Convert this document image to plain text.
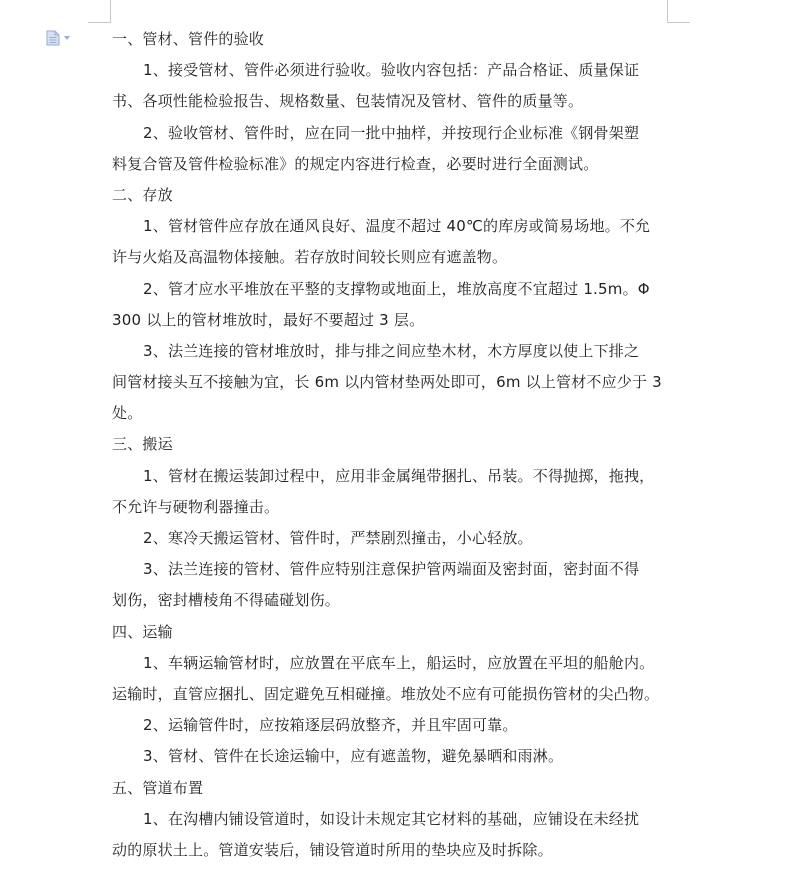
一、管材、管件的验收
1、接受管材、管件必须进行验收。验收内容包括：产品合格证、质量保证
书、各项性能检验报告、规格数量、包装情况及管材、管件的质量等。
2、验收管材、管件时，应在同一批中抽样，并按现行企业标准《钢骨架塑
料复合管及管件检验标准》的规定内容进行检查，必要时进行全面测试。
二、存放
1、管材管件应存放在通风良好、温度不超过 40℃的库房或简易场地。不允
许与火焰及高温物体接触。若存放时间较长则应有遮盖物。
2、管才应水平堆放在平整的支撑物或地面上，堆放高度不宜超过 1.5m。Φ
300 以上的管材堆放时，最好不要超过 3 层。
3、法兰连接的管材堆放时，排与排之间应垫木材，木方厚度以使上下排之
间管材接头互不接触为宜，长 6m 以内管材垫两处即可，6m 以上管材不应少于 3
处。
三、搬运
1、管材在搬运装卸过程中，应用非金属绳带捆扎、吊装。不得抛掷，拖拽，
不允许与硬物利器撞击。
2、寒冷天搬运管材、管件时，严禁剧烈撞击，小心轻放。
3、法兰连接的管材、管件应特别注意保护管两端面及密封面，密封面不得
划伤，密封槽棱角不得磕碰划伤。
四、运输
1、车辆运输管材时，应放置在平底车上，船运时，应放置在平坦的船舱内。
运输时，直管应捆扎、固定避免互相碰撞。堆放处不应有可能损伤管材的尖凸物。
2、运输管件时，应按箱逐层码放整齐，并且牢固可靠。
3、管材、管件在长途运输中，应有遮盖物，避免暴晒和雨淋。
五、管道布置
1、在沟槽内铺设管道时，如设计未规定其它材料的基础，应铺设在未经扰
动的原状土上。管道安装后，铺设管道时所用的垫块应及时拆除。
